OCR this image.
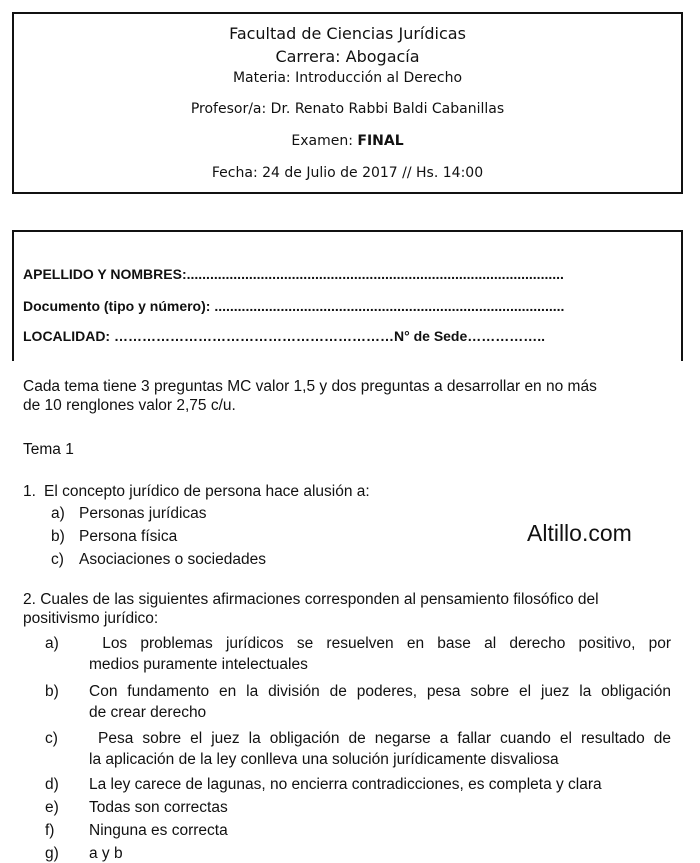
Facultad de Ciencias Jurídicas
Carrera: Abogacía
Materia: Introducción al Derecho
Profesor/a: Dr. Renato Rabbi Baldi Cabanillas
Examen: FINAL
Fecha: 24 de Julio de 2017 // Hs. 14:00
APELLIDO Y NOMBRES:.................................................................................................
Documento (tipo y número): ..........................................................................................
LOCALIDAD: ……………………………………………………N° de Sede……………..
Cada tema tiene 3 preguntas MC valor 1,5 y dos preguntas a desarrollar en no más
de 10 renglones valor 2,75 c/u.
Tema 1
Altillo.com
1. El concepto jurídico de persona hace alusión a:
a) Personas jurídicas
b) Persona física
c) Asociaciones o sociedades
2. Cuales de las siguientes afirmaciones corresponden al pensamiento filosófico del
positivismo jurídico:
a) Los problemas jurídicos se resuelven en base al derecho positivo, por
medios puramente intelectuales
b) Con fundamento en la división de poderes, pesa sobre el juez la obligación
de crear derecho
c) Pesa sobre el juez la obligación de negarse a fallar cuando el resultado de
la aplicación de la ley conlleva una solución jurídicamente disvaliosa
d) La ley carece de lagunas, no encierra contradicciones, es completa y clara
e) Todas son correctas
f) Ninguna es correcta
g) a y b
